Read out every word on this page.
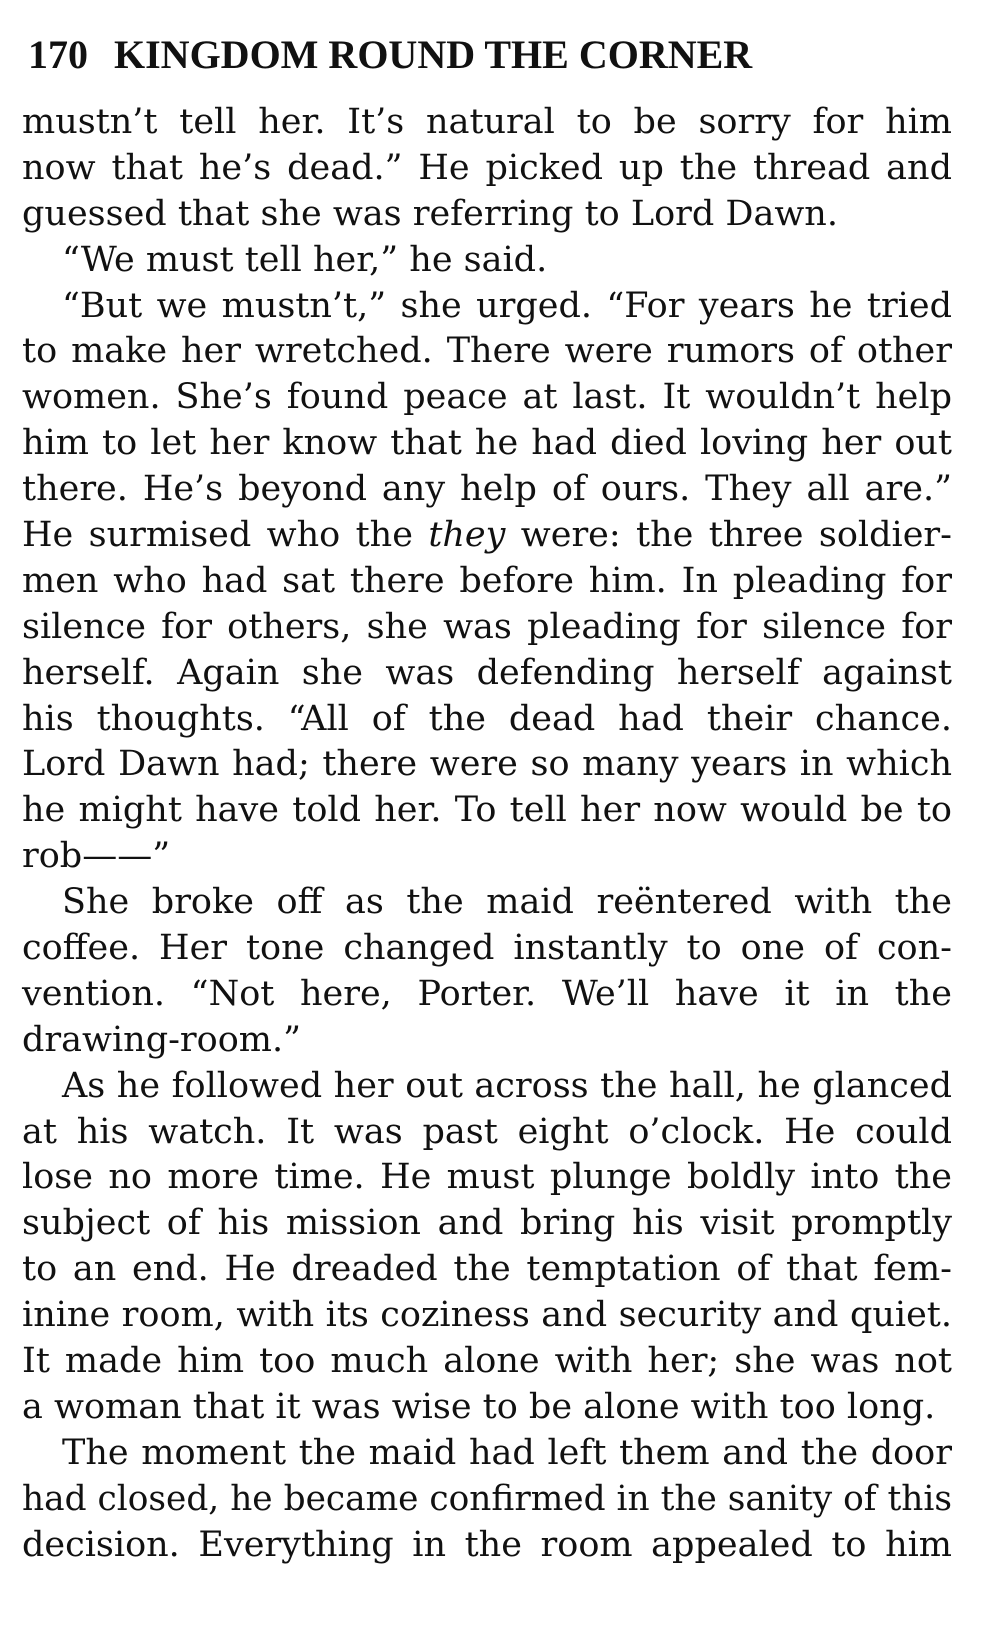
170 KINGDOM ROUND THE CORNER
mustn’t tell her. It’s natural to be sorry for him
now that he’s dead.” He picked up the thread and
guessed that she was referring to Lord Dawn.
“We must tell her,” he said.
“But we mustn’t,” she urged. “For years he tried
to make her wretched. There were rumors of other
women. She’s found peace at last. It wouldn’t help
him to let her know that he had died loving her out
there. He’s beyond any help of ours. They all are.”
He surmised who the they were: the three soldier-
men who had sat there before him. In pleading for
silence for others, she was pleading for silence for
herself. Again she was defending herself against
his thoughts. “All of the dead had their chance.
Lord Dawn had; there were so many years in which
he might have told her. To tell her now would be to
rob——”
She broke off as the maid reëntered with the
coffee. Her tone changed instantly to one of con-
vention. “Not here, Porter. We’ll have it in the
drawing-room.”
As he followed her out across the hall, he glanced
at his watch. It was past eight o’clock. He could
lose no more time. He must plunge boldly into the
subject of his mission and bring his visit promptly
to an end. He dreaded the temptation of that fem-
inine room, with its coziness and security and quiet.
It made him too much alone with her; she was not
a woman that it was wise to be alone with too long.
The moment the maid had left them and the door
had closed, he became confirmed in the sanity of this
decision. Everything in the room appealed to him
